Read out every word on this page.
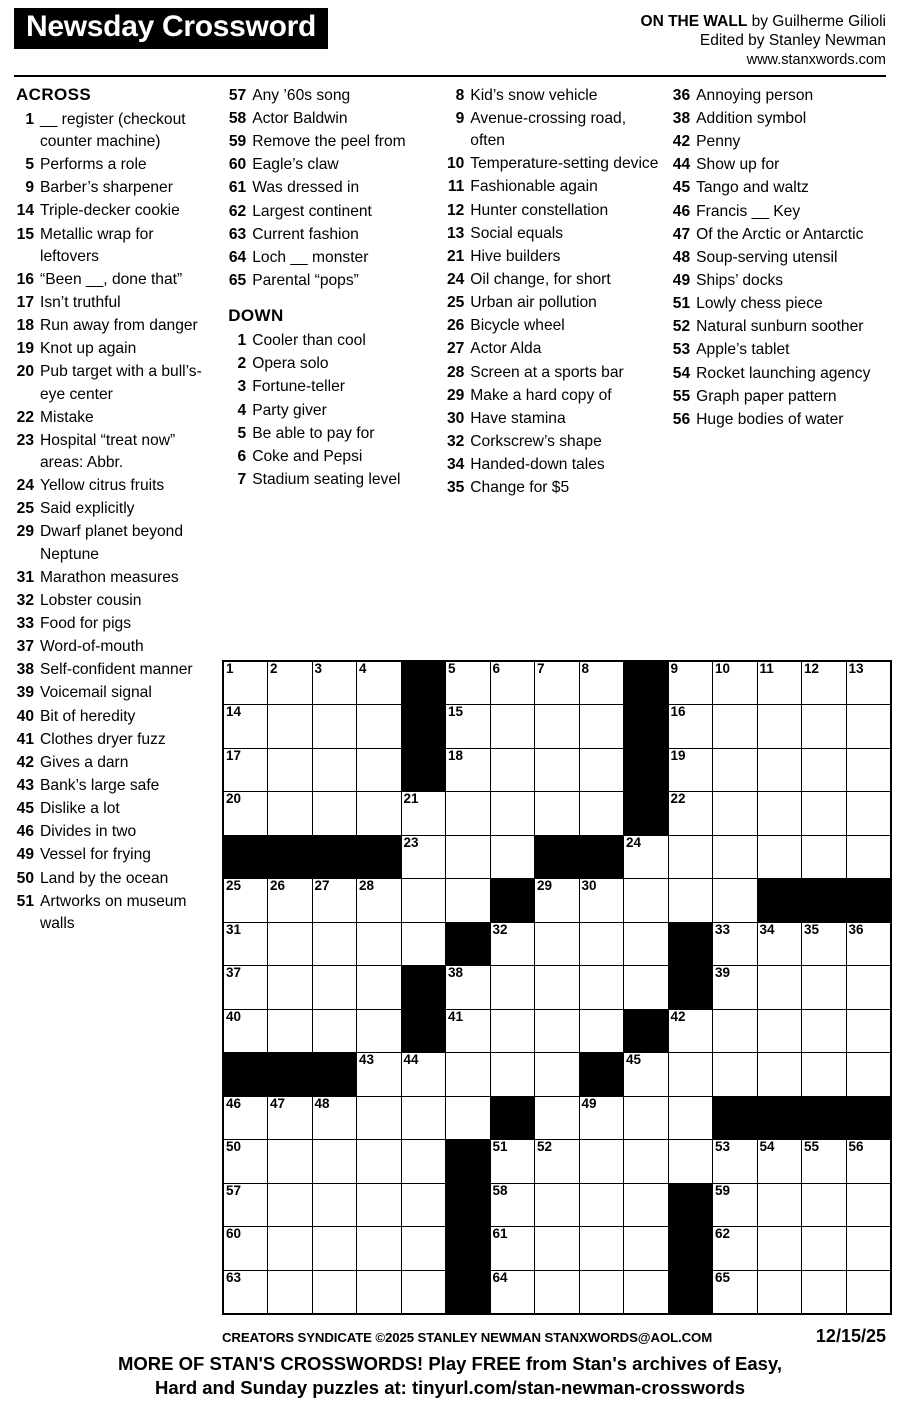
Newsday Crossword	ON THE WALL by Guilherme Gilioli
Edited by Stanley Newman
www.stanxwords.com
ACROSS
1 __ register (checkout counter machine)
5 Performs a role
9 Barber’s sharpener
14 Triple-decker cookie
15 Metallic wrap for leftovers
16 “Been __, done that”
17 Isn’t truthful
18 Run away from danger
19 Knot up again
20 Pub target with a bull’s-eye center
22 Mistake
23 Hospital “treat now” areas: Abbr.
24 Yellow citrus fruits
25 Said explicitly
29 Dwarf planet beyond Neptune
31 Marathon measures
32 Lobster cousin
33 Food for pigs
37 Word-of-mouth
38 Self-confident manner
39 Voicemail signal
40 Bit of heredity
41 Clothes dryer fuzz
42 Gives a darn
43 Bank’s large safe
45 Dislike a lot
46 Divides in two
49 Vessel for frying
50 Land by the ocean
51 Artworks on museum walls
57 Any ’60s song
58 Actor Baldwin
59 Remove the peel from
60 Eagle’s claw
61 Was dressed in
62 Largest continent
63 Current fashion
64 Loch __ monster
65 Parental “pops”
DOWN
1 Cooler than cool
2 Opera solo
3 Fortune-teller
4 Party giver
5 Be able to pay for
6 Coke and Pepsi
7 Stadium seating level
8 Kid’s snow vehicle
9 Avenue-crossing road, often
10 Temperature-setting device
11 Fashionable again
12 Hunter constellation
13 Social equals
21 Hive builders
24 Oil change, for short
25 Urban air pollution
26 Bicycle wheel
27 Actor Alda
28 Screen at a sports bar
29 Make a hard copy of
30 Have stamina
32 Corkscrew’s shape
34 Handed-down tales
35 Change for $5
36 Annoying person
38 Addition symbol
42 Penny
44 Show up for
45 Tango and waltz
46 Francis __ Key
47 Of the Arctic or Antarctic
48 Soup-serving utensil
49 Ships’ docks
51 Lowly chess piece
52 Natural sunburn soother
53 Apple’s tablet
54 Rocket launching agency
55 Graph paper pattern
56 Huge bodies of water
1	2	3	4		5	6	7	8		9	10	11	12	13

14					15					16				

17					18					19				

20				21						22				

				23					24					

25	26	27	28				29	30						

31						32					33	34	35	36

37					38						39			

40					41					42				

			43	44					45					

46	47	48						49						

50						51	52				53	54	55	56

57						58					59			

60						61					62			

63						64					65			

CREATORS SYNDICATE ©2025 STANLEY NEWMAN STANXWORDS@AOL.COM	12/15/25
MORE OF STAN'S CROSSWORDS! Play FREE from Stan's archives of Easy,
Hard and Sunday puzzles at: tinyurl.com/stan-newman-crosswords
